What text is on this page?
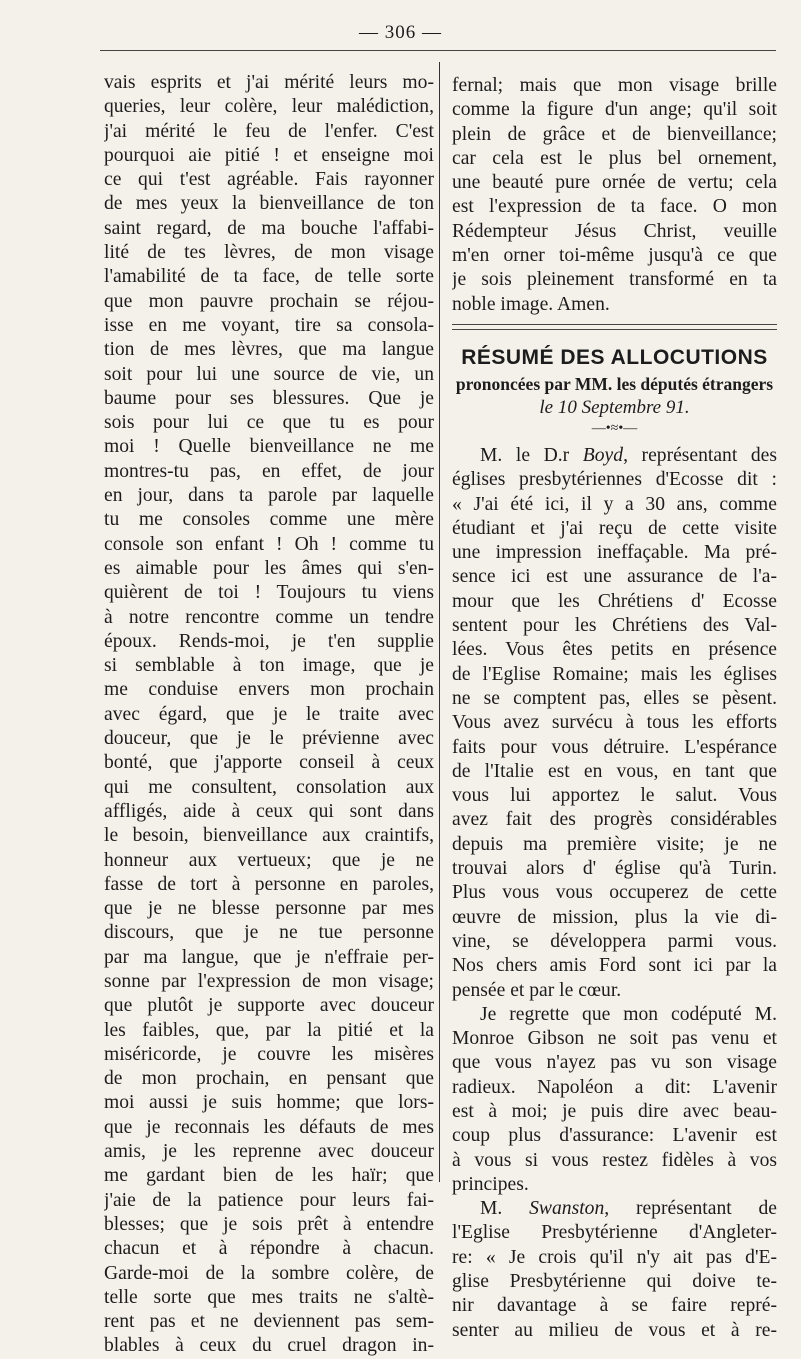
— 306 —
vais esprits et j'ai mérité leurs mo-
queries, leur colère, leur malédiction,
j'ai mérité le feu de l'enfer. C'est
pourquoi aie pitié ! et enseigne moi
ce qui t'est agréable. Fais rayonner
de mes yeux la bienveillance de ton
saint regard, de ma bouche l'affabi-
lité de tes lèvres, de mon visage
l'amabilité de ta face, de telle sorte
que mon pauvre prochain se réjou-
isse en me voyant, tire sa consola-
tion de mes lèvres, que ma langue
soit pour lui une source de vie, un
baume pour ses blessures. Que je
sois pour lui ce que tu es pour
moi ! Quelle bienveillance ne me
montres-tu pas, en effet, de jour
en jour, dans ta parole par laquelle
tu me consoles comme une mère
console son enfant ! Oh ! comme tu
es aimable pour les âmes qui s'en-
quièrent de toi ! Toujours tu viens
à notre rencontre comme un tendre
époux. Rends-moi, je t'en supplie
si semblable à ton image, que je
me conduise envers mon prochain
avec égard, que je le traite avec
douceur, que je le prévienne avec
bonté, que j'apporte conseil à ceux
qui me consultent, consolation aux
affligés, aide à ceux qui sont dans
le besoin, bienveillance aux craintifs,
honneur aux vertueux; que je ne
fasse de tort à personne en paroles,
que je ne blesse personne par mes
discours, que je ne tue personne
par ma langue, que je n'effraie per-
sonne par l'expression de mon visage;
que plutôt je supporte avec douceur
les faibles, que, par la pitié et la
miséricorde, je couvre les misères
de mon prochain, en pensant que
moi aussi je suis homme; que lors-
que je reconnais les défauts de mes
amis, je les reprenne avec douceur
me gardant bien de les haïr; que
j'aie de la patience pour leurs fai-
blesses; que je sois prêt à entendre
chacun et à répondre à chacun.
Garde-moi de la sombre colère, de
telle sorte que mes traits ne s'altè-
rent pas et ne deviennent pas sem-
blables à ceux du cruel dragon in-
fernal; mais que mon visage brille
comme la figure d'un ange; qu'il soit
plein de grâce et de bienveillance;
car cela est le plus bel ornement,
une beauté pure ornée de vertu; cela
est l'expression de ta face. O mon
Rédempteur Jésus Christ, veuille
m'en orner toi-même jusqu'à ce que
je sois pleinement transformé en ta
noble image. Amen.
RÉSUMÉ DES ALLOCUTIONS
prononcées par MM. les députés étrangers
le 10 Septembre 91.
—•≈•—
M. le D.r Boyd, représentant des
églises presbytériennes d'Ecosse dit :
« J'ai été ici, il y a 30 ans, comme
étudiant et j'ai reçu de cette visite
une impression ineffaçable. Ma pré-
sence ici est une assurance de l'a-
mour que les Chrétiens d' Ecosse
sentent pour les Chrétiens des Val-
lées. Vous êtes petits en présence
de l'Eglise Romaine; mais les églises
ne se comptent pas, elles se pèsent.
Vous avez survécu à tous les efforts
faits pour vous détruire. L'espérance
de l'Italie est en vous, en tant que
vous lui apportez le salut. Vous
avez fait des progrès considérables
depuis ma première visite; je ne
trouvai alors d' église qu'à Turin.
Plus vous vous occuperez de cette
œuvre de mission, plus la vie di-
vine, se développera parmi vous.
Nos chers amis Ford sont ici par la
pensée et par le cœur.
Je regrette que mon codéputé M.
Monroe Gibson ne soit pas venu et
que vous n'ayez pas vu son visage
radieux. Napoléon a dit: L'avenir
est à moi; je puis dire avec beau-
coup plus d'assurance: L'avenir est
à vous si vous restez fidèles à vos
principes.
M. Swanston, représentant de
l'Eglise Presbytérienne d'Angleter-
re: « Je crois qu'il n'y ait pas d'E-
glise Presbytérienne qui doive te-
nir davantage à se faire repré-
senter au milieu de vous et à re-
